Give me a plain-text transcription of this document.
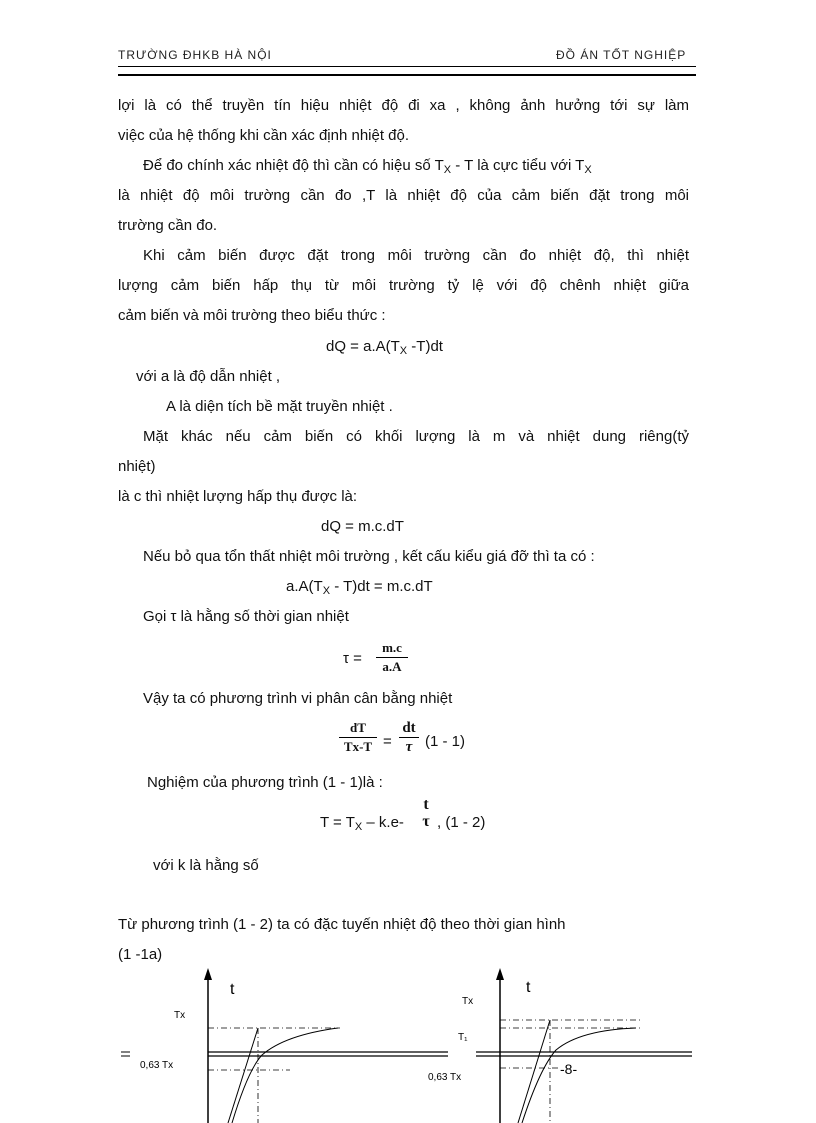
TRƯỜNG ĐHKB HÀ NỘI	ĐỒ ÁN TỐT NGHIỆP
lợi là có thể truyền tín hiệu nhiệt độ đi xa , không ảnh hưởng tới sự làm
việc của hệ thống khi cần xác định nhiệt độ.
Để đo chính xác nhiệt độ thì cần có hiệu số $T_X$ - T là cực tiểu với $T_X$
là nhiệt độ môi trường cần đo ,T là nhiệt độ của cảm biến đặt trong môi
trường cần đo.
Khi cảm biến được đặt trong môi trường cần đo nhiệt độ, thì nhiệt
lượng cảm biến hấp thụ từ môi trường tỷ lệ với độ chênh nhiệt giữa
cảm biến và môi trường theo biểu thức :
dQ = $a.A(T_X$ -T)dt
với a là độ dẫn nhiệt ,
A là diện tích bề mặt truyền nhiệt .
Mặt khác nếu cảm biến có khối lượng là m và nhiệt dung riêng(tỷ
nhiệt)
là c thì nhiệt lượng hấp thụ được là:
dQ = m.c.dT
Nếu bỏ qua tổn thất nhiệt môi trường , kết cấu kiểu giá đỡ thì ta có :
$a.A(T_X - T)dt = m.c.dT$
Gọi τ là hằng số thời gian nhiệt
τ =
m.c
a.A
Vậy ta có phương trình vi phân cân bằng nhiệt
dT
Tx-T =
dt
τ (1 - 1)
Nghiệm của phương trình (1 - 1)là :
$T = T_X - k.e-$
t
τ , (1 - 2)
với k là hằng số
Từ phương trình (1 - 2) ta có đặc tuyến nhiệt độ theo thời gian hình
(1 -1a)
t
Tx
0,63 Tx
t
Tx
T₁
0,63 Tx
-8-
